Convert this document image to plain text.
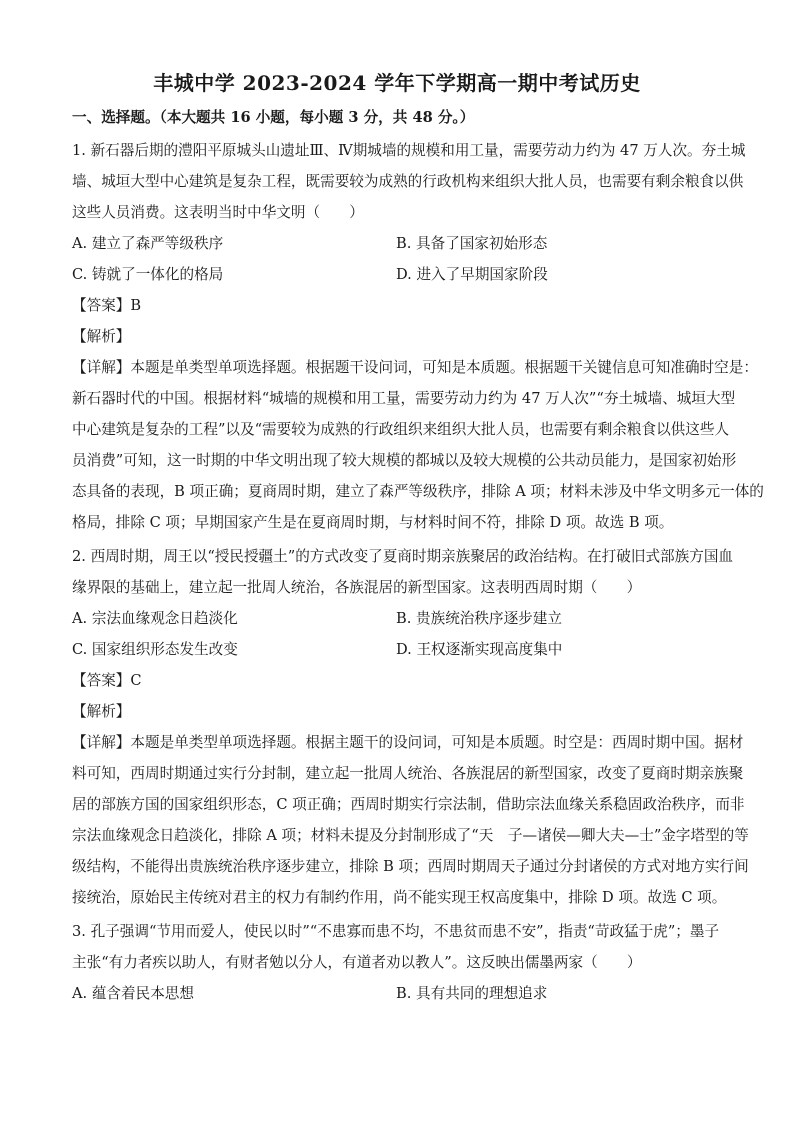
丰城中学 2023-2024 学年下学期高一期中考试历史
一、选择题。（本大题共 16 小题，每小题 3 分，共 48 分。）
1. 新石器后期的澧阳平原城头山遗址Ⅲ、Ⅳ期城墙的规模和用工量，需要劳动力约为 47 万人次。夯土城
墙、城垣大型中心建筑是复杂工程，既需要较为成熟的行政机构来组织大批人员，也需要有剩余粮食以供
这些人员消费。这表明当时中华文明（　　）
A. 建立了森严等级秩序	B. 具备了国家初始形态
C. 铸就了一体化的格局	D. 进入了早期国家阶段
【答案】B
【解析】
【详解】本题是单类型单项选择题。根据题干设问词，可知是本质题。根据题干关键信息可知准确时空是：
新石器时代的中国。根据材料“城墙的规模和用工量，需要劳动力约为 47 万人次”“夯土城墙、城垣大型
中心建筑是复杂的工程”以及“需要较为成熟的行政组织来组织大批人员，也需要有剩余粮食以供这些人
员消费”可知，这一时期的中华文明出现了较大规模的都城以及较大规模的公共动员能力，是国家初始形
态具备的表现，B 项正确；夏商周时期，建立了森严等级秩序，排除 A 项；材料未涉及中华文明多元一体的
格局，排除 C 项；早期国家产生是在夏商周时期，与材料时间不符，排除 D 项。故选 B 项。
2. 西周时期，周王以“授民授疆土”的方式改变了夏商时期亲族聚居的政治结构。在打破旧式部族方国血
缘界限的基础上，建立起一批周人统治，各族混居的新型国家。这表明西周时期（　　）
A. 宗法血缘观念日趋淡化	B. 贵族统治秩序逐步建立
C. 国家组织形态发生改变	D. 王权逐渐实现高度集中
【答案】C
【解析】
【详解】本题是单类型单项选择题。根据主题干的设问词，可知是本质题。时空是：西周时期中国。据材
料可知，西周时期通过实行分封制，建立起一批周人统治、各族混居的新型国家，改变了夏商时期亲族聚
居的部族方国的国家组织形态，C 项正确；西周时期实行宗法制，借助宗法血缘关系稳固政治秩序，而非
宗法血缘观念日趋淡化，排除 A 项；材料未提及分封制形成了“天　子—诸侯—卿大夫—士”金字塔型的等
级结构，不能得出贵族统治秩序逐步建立，排除 B 项；西周时期周天子通过分封诸侯的方式对地方实行间
接统治，原始民主传统对君主的权力有制约作用，尚不能实现王权高度集中，排除 D 项。故选 C 项。
3. 孔子强调“节用而爱人，使民以时”“不患寡而患不均，不患贫而患不安”，指责“苛政猛于虎”；墨子
主张“有力者疾以助人，有财者勉以分人，有道者劝以教人”。这反映出儒墨两家（　　）
A. 蕴含着民本思想	B. 具有共同的理想追求
